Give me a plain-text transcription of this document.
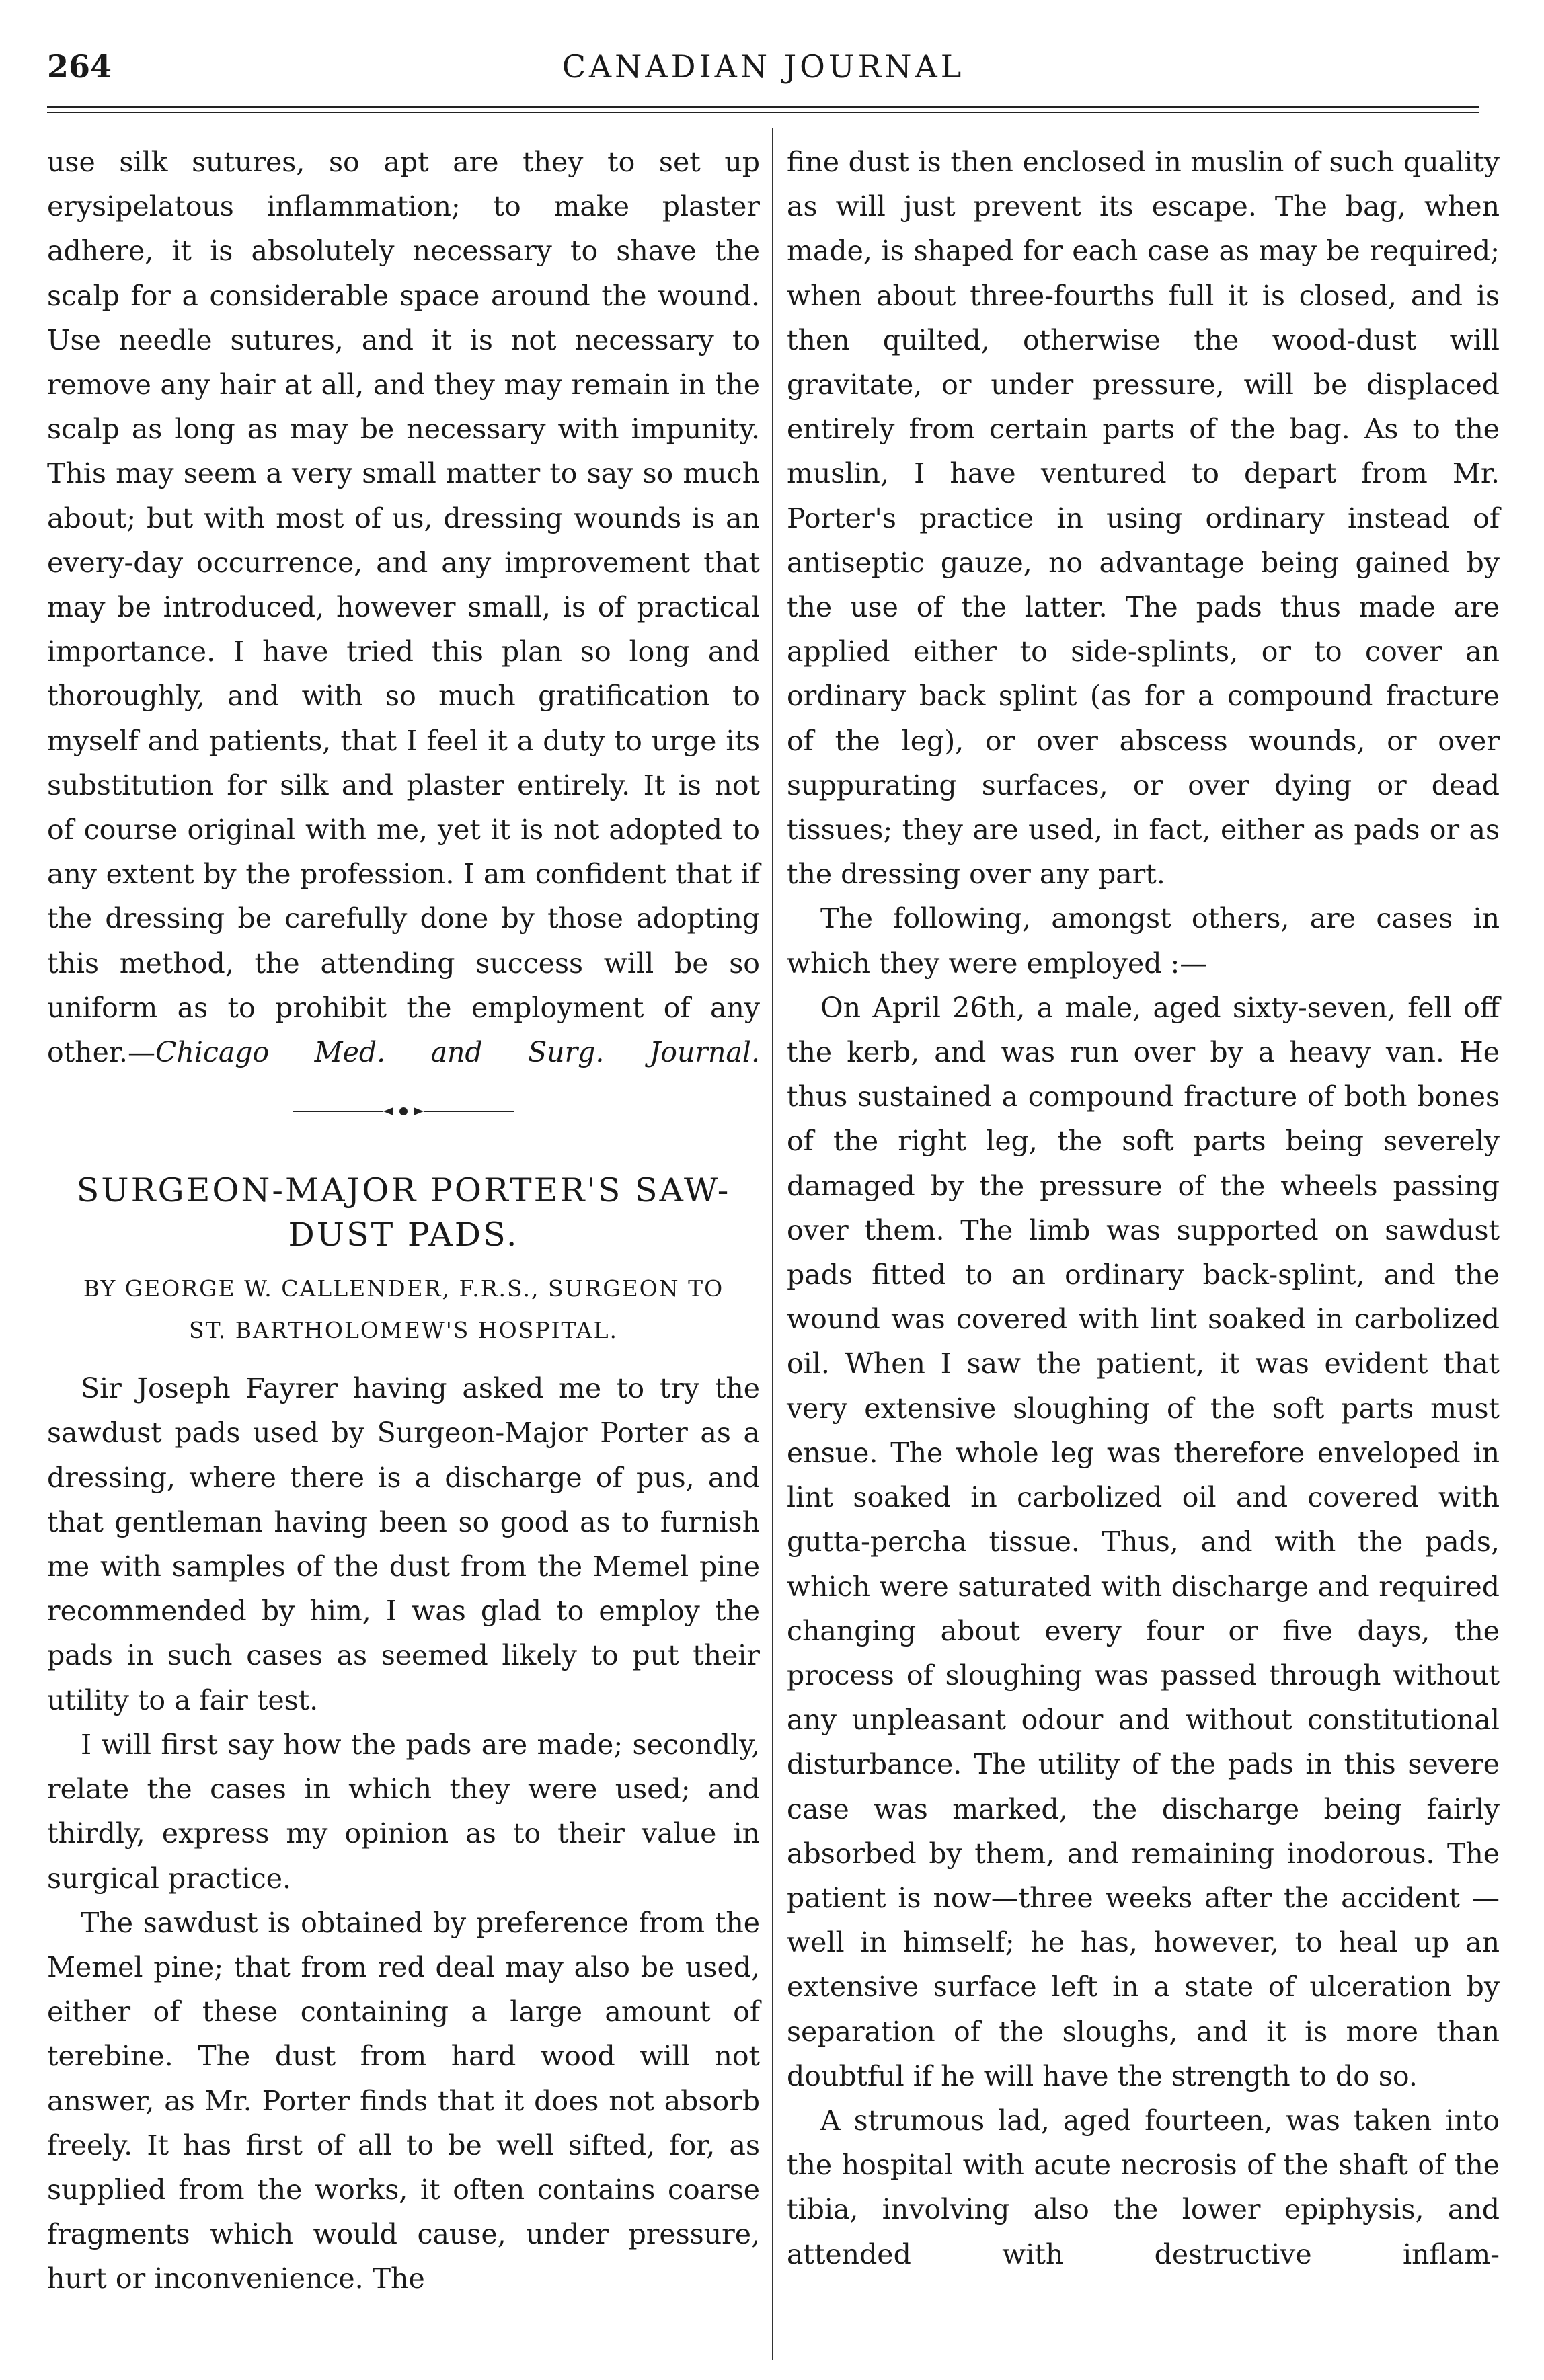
264	CANADIAN JOURNAL

use silk sutures, so apt are they to set up erysipelatous inflammation; to make plaster adhere, it is absolutely necessary to shave the scalp for a considerable space around the wound. Use needle sutures, and it is not necessary to remove any hair at all, and they may remain in the scalp as long as may be necessary with impunity. This may seem a very small matter to say so much about; but with most of us, dressing wounds is an every-day occurrence, and any improvement that may be introduced, however small, is of practical importance. I have tried this plan so long and thoroughly, and with so much gratification to myself and patients, that I feel it a duty to urge its substitution for silk and plaster entirely. It is not of course original with me, yet it is not adopted to any extent by the profession. I am confident that if the dressing be carefully done by those adopting this method, the attending success will be so uniform as to prohibit the employment of any other.—Chicago Med. and Surg. Journal.

SURGEON-MAJOR PORTER'S SAW-
DUST PADS.
BY GEORGE W. CALLENDER, F.R.S., SURGEON TO
ST. BARTHOLOMEW'S HOSPITAL.

Sir Joseph Fayrer having asked me to try the sawdust pads used by Surgeon-Major Porter as a dressing, where there is a discharge of pus, and that gentleman having been so good as to furnish me with samples of the dust from the Memel pine recommended by him, I was glad to employ the pads in such cases as seemed likely to put their utility to a fair test.

I will first say how the pads are made; secondly, relate the cases in which they were used; and thirdly, express my opinion as to their value in surgical practice.

The sawdust is obtained by preference from the Memel pine; that from red deal may also be used, either of these containing a large amount of terebine. The dust from hard wood will not answer, as Mr. Porter finds that it does not absorb freely. It has first of all to be well sifted, for, as supplied from the works, it often contains coarse fragments which would cause, under pressure, hurt or inconvenience. The

fine dust is then enclosed in muslin of such quality as will just prevent its escape. The bag, when made, is shaped for each case as may be required; when about three-fourths full it is closed, and is then quilted, otherwise the wood-dust will gravitate, or under pressure, will be displaced entirely from certain parts of the bag. As to the muslin, I have ventured to depart from Mr. Porter's practice in using ordinary instead of antiseptic gauze, no advantage being gained by the use of the latter. The pads thus made are applied either to side-splints, or to cover an ordinary back splint (as for a compound fracture of the leg), or over abscess wounds, or over suppurating surfaces, or over dying or dead tissues; they are used, in fact, either as pads or as the dressing over any part.

The following, amongst others, are cases in which they were employed :—

On April 26th, a male, aged sixty-seven, fell off the kerb, and was run over by a heavy van. He thus sustained a compound fracture of both bones of the right leg, the soft parts being severely damaged by the pressure of the wheels passing over them. The limb was supported on sawdust pads fitted to an ordinary back-splint, and the wound was covered with lint soaked in carbolized oil. When I saw the patient, it was evident that very extensive sloughing of the soft parts must ensue. The whole leg was therefore enveloped in lint soaked in carbolized oil and covered with gutta-percha tissue. Thus, and with the pads, which were saturated with discharge and required changing about every four or five days, the process of sloughing was passed through without any unpleasant odour and without constitutional disturbance. The utility of the pads in this severe case was marked, the discharge being fairly absorbed by them, and remaining inodorous. The patient is now—three weeks after the accident —well in himself; he has, however, to heal up an extensive surface left in a state of ulceration by separation of the sloughs, and it is more than doubtful if he will have the strength to do so.

A strumous lad, aged fourteen, was taken into the hospital with acute necrosis of the shaft of the tibia, involving also the lower epiphysis, and attended with destructive inflam-
